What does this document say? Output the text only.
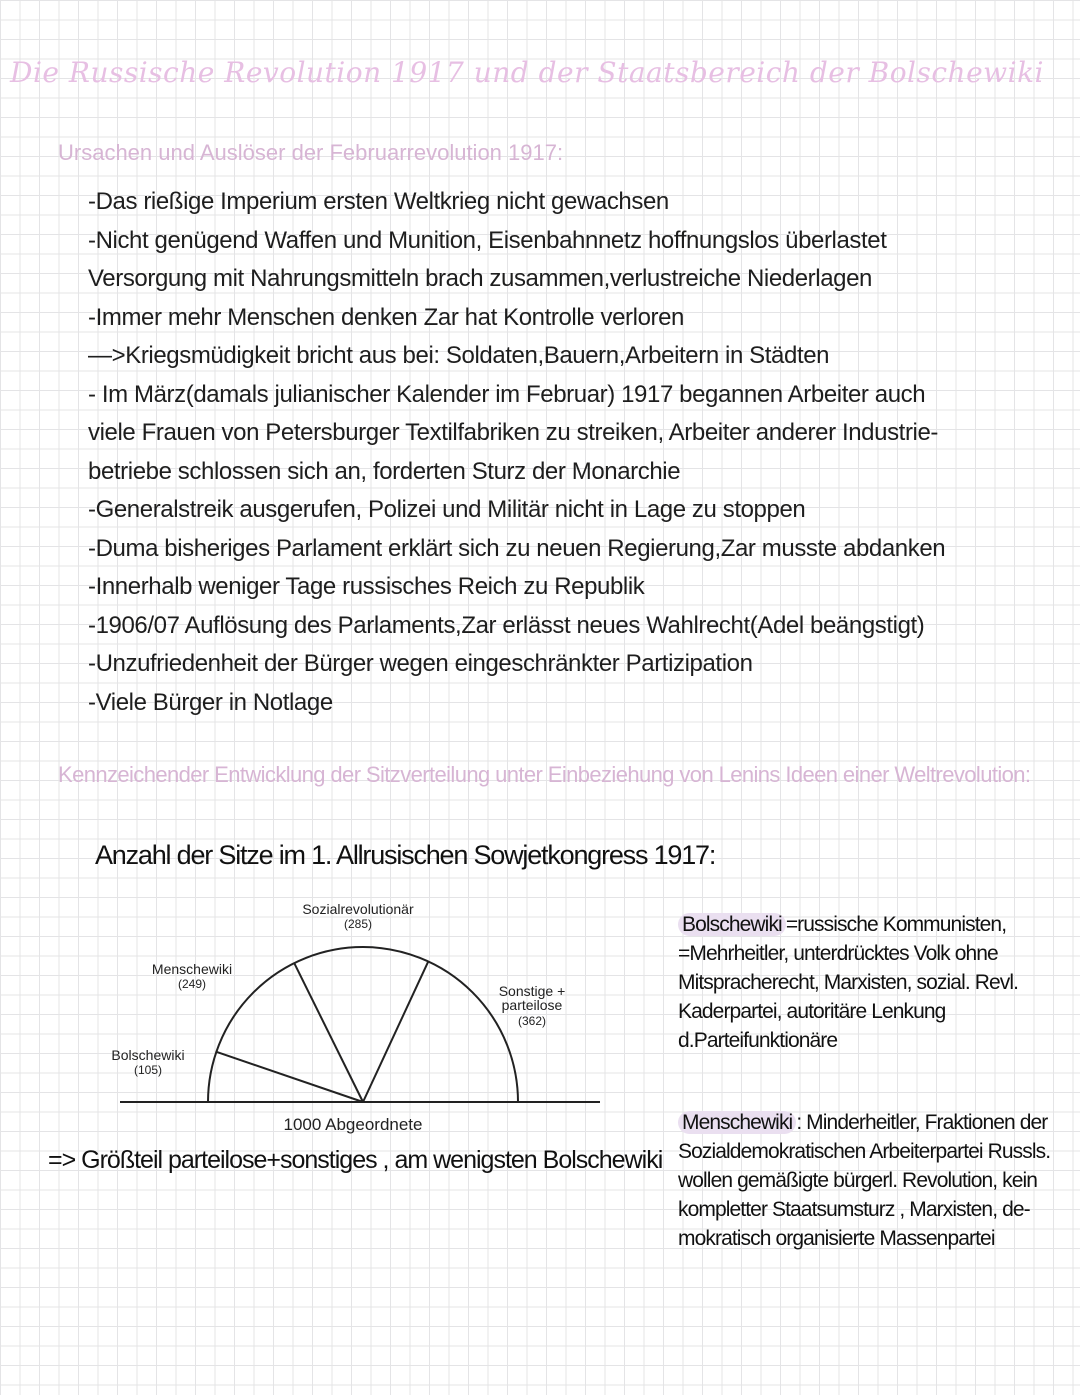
Die Russische Revolution 1917 und der Staatsbereich der Bolschewiki
Ursachen und Auslöser der Februarrevolution 1917:
-Das rießige Imperium ersten Weltkrieg nicht gewachsen
-Nicht genügend Waffen und Munition, Eisenbahnnetz hoffnungslos überlastet
Versorgung mit Nahrungsmitteln brach zusammen,verlustreiche Niederlagen
-Immer mehr Menschen denken Zar hat Kontrolle verloren
—>Kriegsmüdigkeit bricht aus bei: Soldaten,Bauern,Arbeitern in Städten
- Im März(damals julianischer Kalender im Februar) 1917 begannen Arbeiter auch
viele Frauen von Petersburger Textilfabriken zu streiken, Arbeiter anderer Industrie-
betriebe schlossen sich an, forderten Sturz der Monarchie
-Generalstreik ausgerufen, Polizei und Militär nicht in Lage zu stoppen
-Duma bisheriges Parlament erklärt sich zu neuen Regierung,Zar musste abdanken
-Innerhalb weniger Tage russisches Reich zu Republik
-1906/07 Auflösung des Parlaments,Zar erlässt neues Wahlrecht(Adel beängstigt)
-Unzufriedenheit der Bürger wegen eingeschränkter Partizipation
-Viele Bürger in Notlage
Kennzeichender Entwicklung der Sitzverteilung unter Einbeziehung von Lenins Ideen einer Weltrevolution:
Anzahl der Sitze im 1. Allrusischen Sowjetkongress 1917:
Bolschewiki
(105)
Menschewiki
(249)
Sozialrevolutionär
(285)
Sonstige + parteilose
(362)
1000 Abgeordnete
=> Größteil parteilose+sonstiges , am wenigsten Bolschewiki
Bolschewiki =russische Kommunisten,
=Mehrheitler, unterdrücktes Volk ohne
Mitspracherecht, Marxisten, sozial. Revl.
Kaderpartei, autoritäre Lenkung d.Parteifunktionäre
Menschewiki : Minderheitler, Fraktionen der
Sozialdemokratischen Arbeiterpartei Russls.
wollen gemäßigte bürgerl. Revolution, kein
kompletter Staatsumsturz , Marxisten, de-
mokratisch organisierte Massenpartei
